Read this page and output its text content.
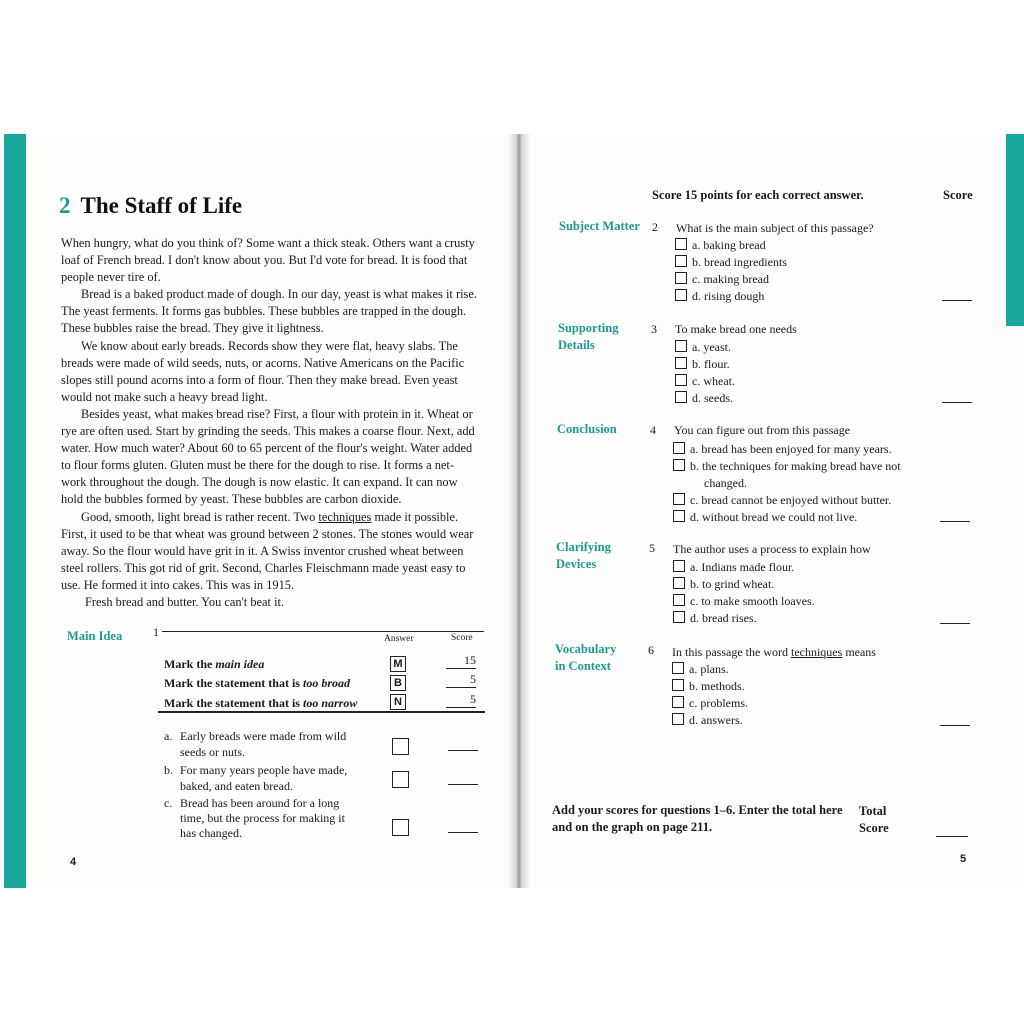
2 The Staff of Life
When hungry, what do you think of? Some want a thick steak. Others want a crusty
loaf of French bread. I don't know about you. But I'd vote for bread. It is food that
people never tire of.
Bread is a baked product made of dough. In our day, yeast is what makes it rise.
The yeast ferments. It forms gas bubbles. These bubbles are trapped in the dough.
These bubbles raise the bread. They give it lightness.
We know about early breads. Records show they were flat, heavy slabs. The
breads were made of wild seeds, nuts, or acorns. Native Americans on the Pacific
slopes still pound acorns into a form of flour. Then they make bread. Even yeast
would not make such a heavy bread light.
Besides yeast, what makes bread rise? First, a flour with protein in it. Wheat or
rye are often used. Start by grinding the seeds. This makes a coarse flour. Next, add
water. How much water? About 60 to 65 percent of the flour's weight. Water added
to flour forms gluten. Gluten must be there for the dough to rise. It forms a net-
work throughout the dough. The dough is now elastic. It can expand. It can now
hold the bubbles formed by yeast. These bubbles are carbon dioxide.
Good, smooth, light bread is rather recent. Two techniques made it possible.
First, it used to be that wheat was ground between 2 stones. The stones would wear
away. So the flour would have grit in it. A Swiss inventor crushed wheat between
steel rollers. This got rid of grit. Second, Charles Fleischmann made yeast easy to
use. He formed it into cakes. This was in 1915.
Fresh bread and butter. You can't beat it.
Main Idea	1	Answer	Score
Mark the main idea	M	15
Mark the statement that is too broad	B	5
Mark the statement that is too narrow	N	5
a. Early breads were made from wild
seeds or nuts.
b. For many years people have made,
baked, and eaten bread.
c. Bread has been around for a long
time, but the process for making it
has changed.
4
Score 15 points for each correct answer.	Score
Subject Matter 2 What is the main subject of this passage?
a. baking bread
b. bread ingredients
c. making bread
d. rising dough
Supporting
Details
3 To make bread one needs
a. yeast.
b. flour.
c. wheat.
d. seeds.
Conclusion	4 You can figure out from this passage
a. bread has been enjoyed for many years.
b. the techniques for making bread have not
changed.
c. bread cannot be enjoyed without butter.
d. without bread we could not live.
Clarifying
Devices
5 The author uses a process to explain how
a. Indians made flour.
b. to grind wheat.
c. to make smooth loaves.
d. bread rises.
Vocabulary
in Context
6 In this passage the word techniques means
a. plans.
b. methods.
c. problems.
d. answers.
Add your scores for questions 1–6. Enter the total here
and on the graph on page 211.
Total
Score
5
